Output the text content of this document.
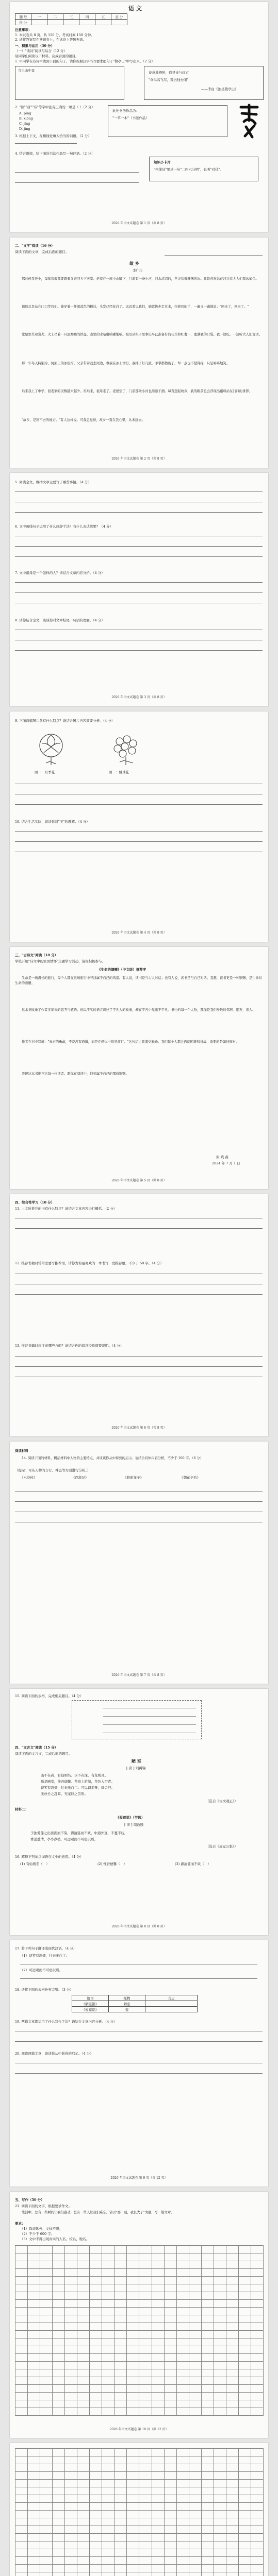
语 文
题 号	一	二	三	四	五	总 分
得 分						
注意事项：
1. 本试卷共 8 页，共 150 分，考试时间 150 分钟。
2. 请将答案写在答题卷上，在试卷上答题无效。
一、积累与运用（30 分）
（一）"读诗"阅读与综合（12 分）
请同学们阅读以下材料，完成后面的题目。
1. 甲同学在诗词中读到下面的句子，请你按照汉字书写要求把句子"敬亭山"中写出来。（2 分）
鸟虫山中景	诗意地栖居，追寻诗与远方
"众鸟高飞尽，孤云独去闲"
——李白《独坐敬亭山》
2. "读""唐""诗"等字中注音正确的一项是（ ）（2 分）
A. pǐng
B. xióng
C. jǐng
D. jìng
3. 根据上下文，在横线处填入恰当的词语。（2 分）
此处书法作品为：
"一草一木"（书法作品）
4. 结合语境，给下面的书法作品写一句评语。（2 分）
知识小卡片
"格律诗"要求一句"二四六分明"，也叫"对仗"。
2026 年语文试题卷 第 1 页（共 8 页）
二、"文学"阅读（16 分）
阅读下面的文章，完成后面的题目。
故 乡
李广生
那时候我还小，每年寒假都要跟着父亲回乡下老家。老家在一座小山脚下，门前有一条小河，河水清清的，冬天结着薄薄的冰。我最喜欢站在河边看大人们凿冰捕鱼。
祖母总是站在门口等我们。她穿着一件深蓝色的棉袄，头发已经花白了。远远看见我们，她就快步走过来，拉着我的手，一遍又一遍地说："回来了，回来了。"
堂屋里生着炭火，火上吊着一只黑黝黝的铁壶，壶里的水咕嘟咕嘟地响。祖母从柜子里拿出早已准备好的花生和红薯干，塞满我的口袋。我一边吃，一边听大人们说话。
那一年冬天特别冷，河面上的冰很厚。父亲带着我去河边，教我在冰上滑行。我摔了好几跤，手掌都擦破了，却一点也不觉得疼，只是咯咯地笑。
后来我上了中学，回老家的次数越来越少。再后来，祖母走了。老屋空了，门前那条小河也渐渐干涸。每当想起故乡，我的眼前总会浮现出祖母站在门口的身影。
"故乡，是回不去的地方。"有人这样说。可我总觉得，故乡一直在我心里，从未远去。
2026 年语文试题卷 第 2 页（共 8 页）
5. 阅读全文，概括文章主要写了哪些事情。（4 分）
6. 文中画线句子运用了什么修辞手法？有什么表达效果？（4 分）
7. 文中祖母是一个怎样的人？请结合文章内容分析。（4 分）
8. 请你结合全文，谈谈你对文章结尾一句话的理解。（4 分）
2026 年语文试题卷 第 3 页（共 8 页）
9. 下面两幅图片各有什么特点？请结合图片内容简要分析。（4 分）
图一：月季花	图二：绣球花
10. 结合生活实际，谈谈你对"美"的理解。（4 分）
2026 年语文试题卷 第 4 页（共 8 页）
三、"古诗文"阅读（18 分）
学校开展"诗文中的家国情怀"主题学习活动，请你积极参与。
《生命的馈赠》（中文版）推荐序
生命是一场漫长的旅行，每个人都在这场旅行中寻找属于自己的风景。有人说，读书是与古人对话；也有人说，读书是与自己对话。我想，读书更是一种馈赠，是生命对生命的馈赠。
这本书收录了作者多年来的思考与感悟。他以平实的语言讲述了平凡人的故事，却在平凡中见出不平凡。书中的每一个人物，都像是我们身边的邻居、朋友、亲人。
作者在书中写道："真正的勇敢，不是没有恐惧，而是在恐惧中依然前行。"这句话让我深受触动。我们每个人都会面临困难和挑战，重要的是如何面对。
我把这本书推荐给每一位读者。愿你在阅读中，找到属于自己的那份馈赠。
张 晓 燕
2024 年 7 月 1 日
2026 年语文试题卷 第 5 页（共 8 页）
四、综合性学习（10 分）
11. 上文所推荐的书有什么特点？请结合文章内容进行概括。（2 分）
12. 推荐书籍时常常需要写推荐语，请你为你最喜欢的一本书写一段推荐语，不少于 50 字。（4 分）
13. 推荐书籍时应注意哪些方面？请结合你的阅读经验简要说明。（4 分）
2026 年语文试题卷 第 6 页（共 8 页）
阅读材料
14. 阅读下面的材料，概括材料中人物的主要特点，并谈谈你从中得到的启示。请结合具体内容分析，不少于 100 字。（6 分）
（提示：可从人物的言行、神态等方面进行分析。）
《水浒传》	《西游记》	《骆驼祥子》	《朝花夕拾》
2026 年语文试题卷 第 7 页（共 8 页）
15. 阅读下面的表格，完成相关题目。（4 分）
四、"文言文"阅读（15 分）
阅读下面的文言文，完成后面的题目。
陋 室
[ 唐 ] 刘禹锡
山不在高，有仙则名。水不在深，有龙则灵。
斯是陋室，惟吾德馨。苔痕上阶绿，草色入帘青。
谈笑有鸿儒，往来无白丁。可以调素琴，阅金经。
无丝竹之乱耳，无案牍之劳形。
（选自《古文观止》）
材料二：
《爱莲说》（节选）
[ 宋 ] 周敦颐
予独爱莲之出淤泥而不染，濯清涟而不妖，中通外直，不蔓不枝。
香远益清，亭亭净植，可远观而不可亵玩焉。
（选自《周元公集》）
16. 解释下列加点词语在文中的意思。（4 分）
(1) 有仙则名（　）	(2) 惟吾德馨（　）	(3) 濯清涟而不妖（　）
2026 年语文试题卷 第 8 页（共 8 页）
17. 将下列句子翻译成现代汉语。（4 分）
（1）谈笑有鸿儒，往来无白丁。
（2）可远观而不可亵玩焉。
18. 请将下面的表格补充完整。（3 分）
篇目	托物	言志
《陋室铭》	陋室	
《爱莲说》	莲	
19. 两篇文章都运用了什么写作手法？请结合文章内容分析。（4 分）
20. 阅读两篇文章，谈谈你从中获得的启示。（4 分）
2026 年语文试题卷 第 9 页（共 12 页）
五、写作（50 分）
21. 阅读下面的文字，根据要求作文。
生活中，总有一些瞬间让我们感动，总有一些人让我们难忘。请以"那一刻，我长大了"为题，写一篇文章。
要求：
（1）除诗歌外，文体不限；
（2）不少于 600 字；
（3）文中不得出现真实的人名、校名、地名。
2026 年语文试题卷 第 10 页（共 12 页）
